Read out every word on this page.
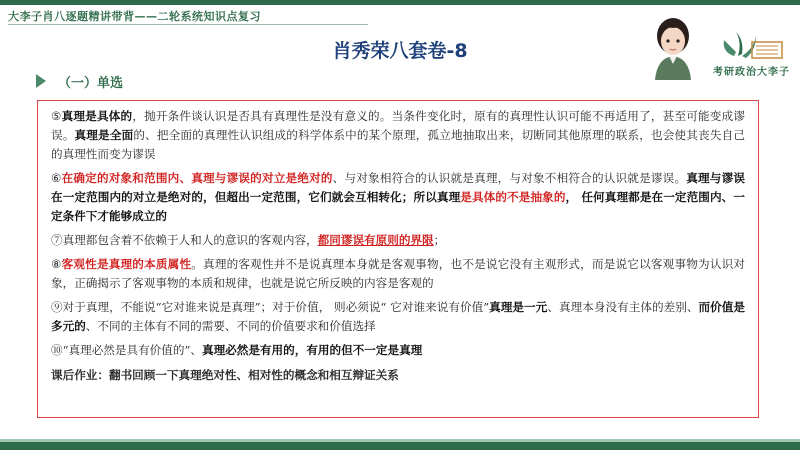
大李子肖八逐题精讲带背——二轮系统知识点复习
肖秀荣八套卷-8
考研政治大李子
（一）单选

⑤真理是具体的，抛开条件谈认识是否具有真理性是没有意义的。当条件变化时，原有的真理性认识可能不再适用了，甚至可能变成谬误。真理是全面的、把全面的真理性认识组成的科学体系中的某个原理，孤立地抽取出来，切断同其他原理的联系，也会使其丧失自己的真理性而变为谬误

⑥在确定的对象和范围内、真理与谬误的对立是绝对的、与对象相符合的认识就是真理，与对象不相符合的认识就是谬误。真理与谬误在一定范围内的对立是绝对的，但超出一定范围，它们就会互相转化；所以真理是具体的不是抽象的， 任何真理都是在一定范围内、一定条件下才能够成立的

⑦真理都包含着不依赖于人和人的意识的客观内容，都同谬误有原则的界限；

⑧客观性是真理的本质属性。真理的客观性并不是说真理本身就是客观事物，也不是说它没有主观形式，而是说它以客观事物为认识对象，正确揭示了客观事物的本质和规律，也就是说它所反映的内容是客观的

⑨对于真理，不能说“它对谁来说是真理”；对于价值， 则必须说“ 它对谁来说有价值”真理是一元、真理本身没有主体的差别、而价值是多元的、不同的主体有不同的需要、不同的价值要求和价值选择

⑩“真理必然是具有价值的”、真理必然是有用的，有用的但不一定是真理

课后作业：翻书回顾一下真理绝对性、相对性的概念和相互辩证关系
